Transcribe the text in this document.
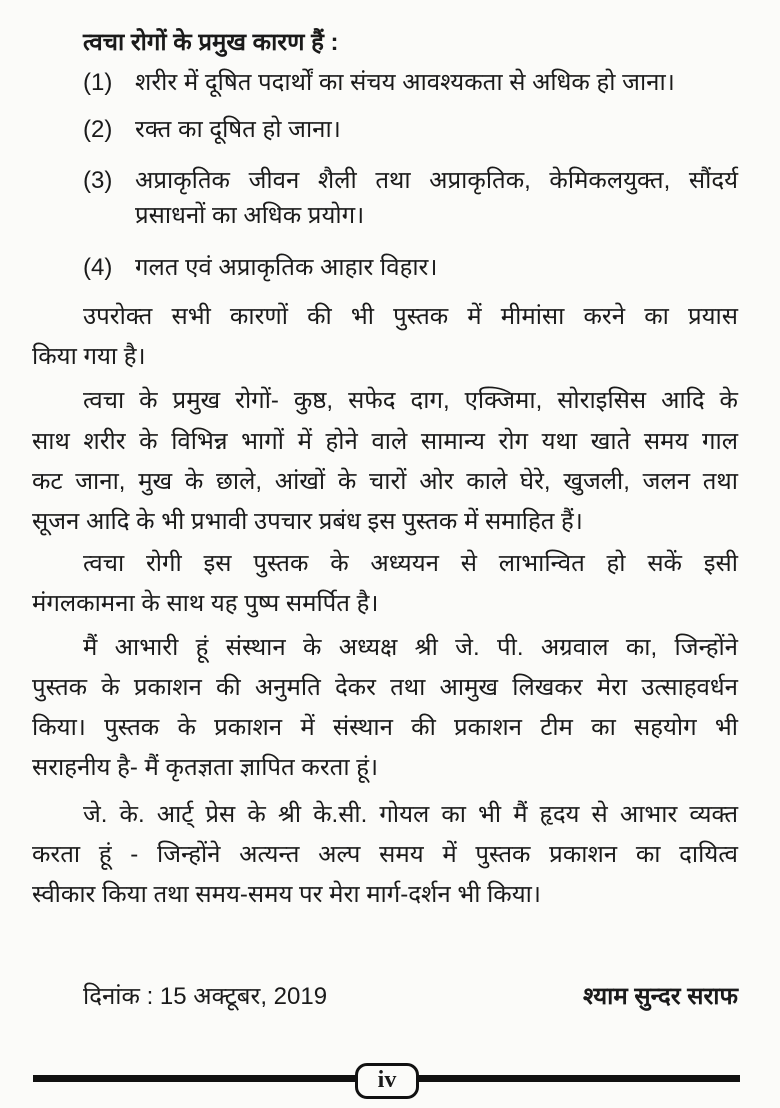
त्वचा रोगों के प्रमुख कारण हैं :
(1) शरीर में दूषित पदार्थों का संचय आवश्यकता से अधिक हो जाना।
(2) रक्त का दूषित हो जाना।
(3) अप्राकृतिक जीवन शैली तथा अप्राकृतिक, केमिकलयुक्त, सौंदर्य
प्रसाधनों का अधिक प्रयोग।
(4) गलत एवं अप्राकृतिक आहार विहार।
उपरोक्त सभी कारणों की भी पुस्तक में मीमांसा करने का प्रयास
किया गया है।
त्वचा के प्रमुख रोगों- कुष्ठ, सफेद दाग, एक्जिमा, सोराइसिस आदि के
साथ शरीर के विभिन्न भागों में होने वाले सामान्य रोग यथा खाते समय गाल
कट जाना, मुख के छाले, आंखों के चारों ओर काले घेरे, खुजली, जलन तथा
सूजन आदि के भी प्रभावी उपचार प्रबंध इस पुस्तक में समाहित हैं।
त्वचा रोगी इस पुस्तक के अध्ययन से लाभान्वित हो सकें इसी
मंगलकामना के साथ यह पुष्प समर्पित है।
मैं आभारी हूं संस्थान के अध्यक्ष श्री जे. पी. अग्रवाल का, जिन्होंने
पुस्तक के प्रकाशन की अनुमति देकर तथा आमुख लिखकर मेरा उत्साहवर्धन
किया। पुस्तक के प्रकाशन में संस्थान की प्रकाशन टीम का सहयोग भी
सराहनीय है- मैं कृतज्ञता ज्ञापित करता हूं।
जे. के. आर्ट् प्रेस के श्री के.सी. गोयल का भी मैं हृदय से आभार व्यक्त
करता हूं - जिन्होंने अत्यन्त अल्प समय में पुस्तक प्रकाशन का दायित्व
स्वीकार किया तथा समय-समय पर मेरा मार्ग-दर्शन भी किया।
दिनांक : 15 अक्टूबर, 2019	श्याम सुन्दर सराफ
iv
